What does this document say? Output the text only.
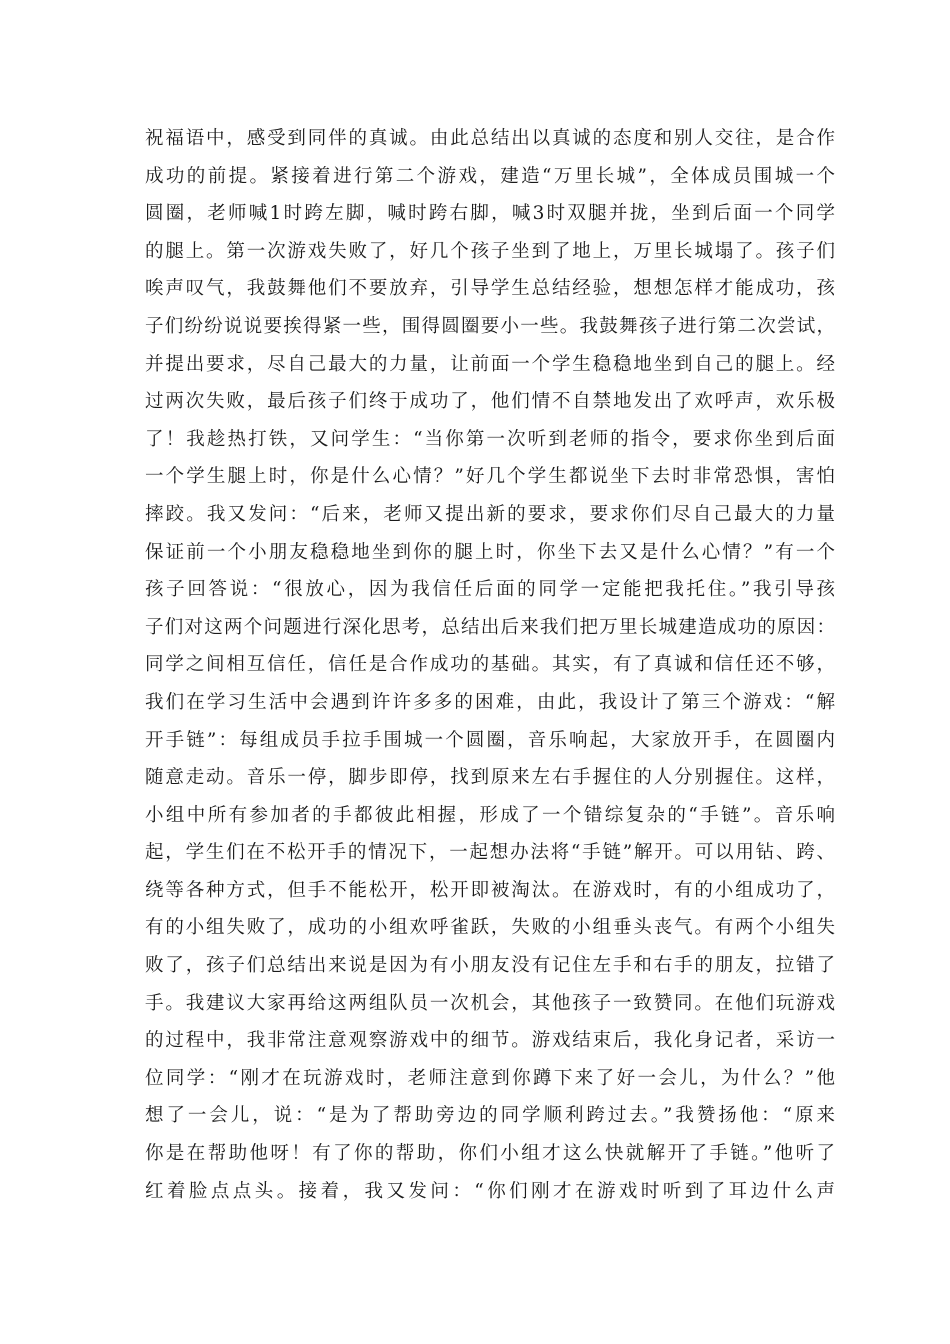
祝福语中，感受到同伴的真诚。由此总结出以真诚的态度和别人交往，是合作
成功的前提。紧接着进行第二个游戏，建造“万里长城”，全体成员围城一个
圆圈，老师喊1时跨左脚，喊时跨右脚，喊3时双腿并拢，坐到后面一个同学
的腿上。第一次游戏失败了，好几个孩子坐到了地上，万里长城塌了。孩子们
唉声叹气，我鼓舞他们不要放弃，引导学生总结经验，想想怎样才能成功，孩
子们纷纷说说要挨得紧一些，围得圆圈要小一些。我鼓舞孩子进行第二次尝试，
并提出要求，尽自己最大的力量，让前面一个学生稳稳地坐到自己的腿上。经
过两次失败，最后孩子们终于成功了，他们情不自禁地发出了欢呼声，欢乐极
了！我趁热打铁，又问学生：“当你第一次听到老师的指令，要求你坐到后面
一个学生腿上时，你是什么心情？”好几个学生都说坐下去时非常恐惧，害怕
摔跤。我又发问：“后来，老师又提出新的要求，要求你们尽自己最大的力量
保证前一个小朋友稳稳地坐到你的腿上时，你坐下去又是什么心情？”有一个
孩子回答说：“很放心，因为我信任后面的同学一定能把我托住。”我引导孩
子们对这两个问题进行深化思考，总结出后来我们把万里长城建造成功的原因：
同学之间相互信任，信任是合作成功的基础。其实，有了真诚和信任还不够，
我们在学习生活中会遇到许许多多的困难，由此，我设计了第三个游戏：“解
开手链”：每组成员手拉手围城一个圆圈，音乐响起，大家放开手，在圆圈内
随意走动。音乐一停，脚步即停，找到原来左右手握住的人分别握住。这样，
小组中所有参加者的手都彼此相握，形成了一个错综复杂的“手链”。音乐响
起，学生们在不松开手的情况下，一起想办法将“手链”解开。可以用钻、跨、
绕等各种方式，但手不能松开，松开即被淘汰。在游戏时，有的小组成功了，
有的小组失败了，成功的小组欢呼雀跃，失败的小组垂头丧气。有两个小组失
败了，孩子们总结出来说是因为有小朋友没有记住左手和右手的朋友，拉错了
手。我建议大家再给这两组队员一次机会，其他孩子一致赞同。在他们玩游戏
的过程中，我非常注意观察游戏中的细节。游戏结束后，我化身记者，采访一
位同学：“刚才在玩游戏时，老师注意到你蹲下来了好一会儿，为什么？”他
想了一会儿，说：“是为了帮助旁边的同学顺利跨过去。”我赞扬他：“原来
你是在帮助他呀！有了你的帮助，你们小组才这么快就解开了手链。”他听了
红着脸点点头。接着，我又发问：“你们刚才在游戏时听到了耳边什么声
